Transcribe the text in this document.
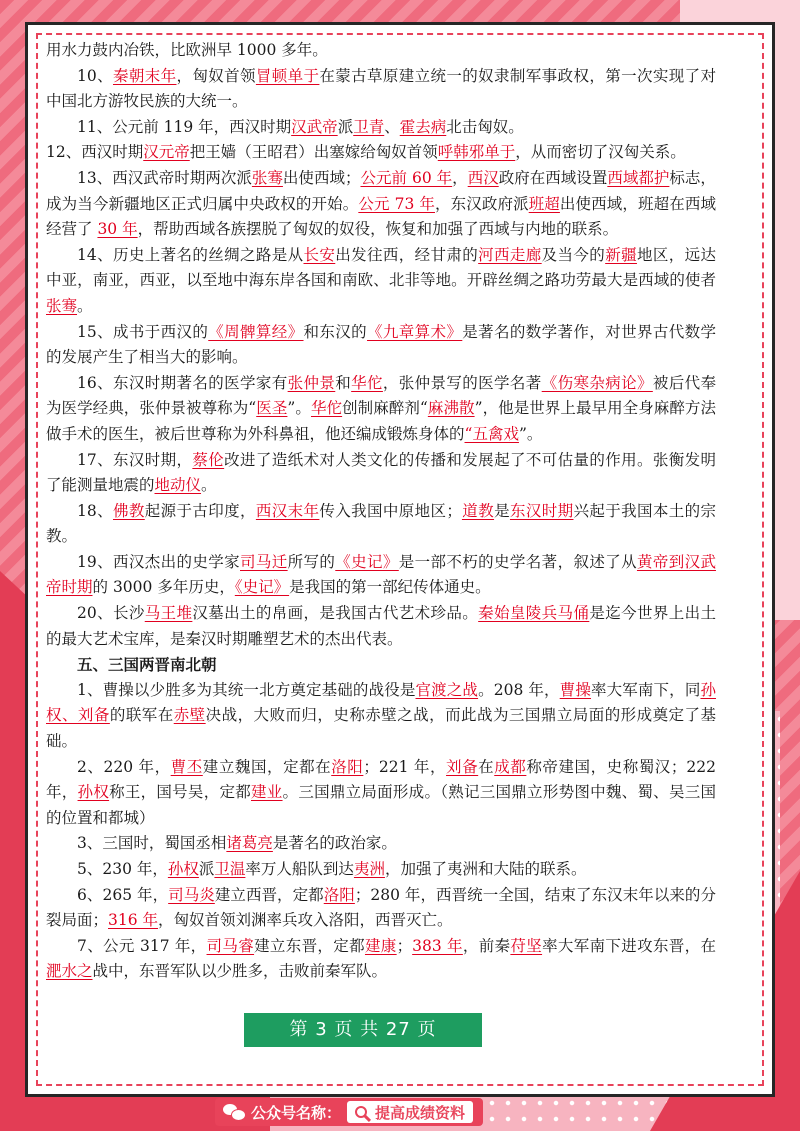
用水力鼓内冶铁，比欧洲早 1000 多年。

10、秦朝末年，匈奴首领冒顿单于在蒙古草原建立统一的奴隶制军事政权，第一次实现了对中国北方游牧民族的大统一。

11、公元前 119 年，西汉时期汉武帝派卫青、霍去病北击匈奴。

12、西汉时期汉元帝把王嫱（王昭君）出塞嫁给匈奴首领呼韩邪单于，从而密切了汉匈关系。

13、西汉武帝时期两次派张骞出使西域；公元前 60 年，西汉政府在西域设置西域都护标志，成为当今新疆地区正式归属中央政权的开始。公元 73 年，东汉政府派班超出使西域，班超在西域经营了 30 年，帮助西域各族摆脱了匈奴的奴役，恢复和加强了西域与内地的联系。

14、历史上著名的丝绸之路是从长安出发往西，经甘肃的河西走廊及当今的新疆地区，远达中亚，南亚，西亚，以至地中海东岸各国和南欧、北非等地。开辟丝绸之路功劳最大是西域的使者张骞。

15、成书于西汉的《周髀算经》和东汉的《九章算术》是著名的数学著作，对世界古代数学的发展产生了相当大的影响。

16、东汉时期著名的医学家有张仲景和华佗，张仲景写的医学名著《伤寒杂病论》被后代奉为医学经典，张仲景被尊称为“医圣”。华佗创制麻醉剂“麻沸散”，他是世界上最早用全身麻醉方法做手术的医生，被后世尊称为外科鼻祖，他还编成锻炼身体的“五禽戏”。

17、东汉时期，蔡伦改进了造纸术对人类文化的传播和发展起了不可估量的作用。张衡发明了能测量地震的地动仪。

18、佛教起源于古印度，西汉末年传入我国中原地区；道教是东汉时期兴起于我国本土的宗教。

19、西汉杰出的史学家司马迁所写的《史记》是一部不朽的史学名著，叙述了从黄帝到汉武帝时期的 3000 多年历史，《史记》是我国的第一部纪传体通史。

20、长沙马王堆汉墓出土的帛画，是我国古代艺术珍品。秦始皇陵兵马俑是迄今世界上出土的最大艺术宝库，是秦汉时期雕塑艺术的杰出代表。

五、三国两晋南北朝

1、曹操以少胜多为其统一北方奠定基础的战役是官渡之战。208 年，曹操率大军南下，同孙权、刘备的联军在赤壁决战，大败而归，史称赤壁之战，而此战为三国鼎立局面的形成奠定了基础。

2、220 年，曹丕建立魏国，定都在洛阳；221 年，刘备在成都称帝建国，史称蜀汉；222 年，孙权称王，国号吴，定都建业。三国鼎立局面形成。（熟记三国鼎立形势图中魏、蜀、吴三国的位置和都城）

3、三国时，蜀国丞相诸葛亮是著名的政治家。

5、230 年，孙权派卫温率万人船队到达夷洲，加强了夷洲和大陆的联系。

6、265 年，司马炎建立西晋，定都洛阳；280 年，西晋统一全国，结束了东汉末年以来的分裂局面；316 年，匈奴首领刘渊率兵攻入洛阳，西晋灭亡。

7、公元 317 年，司马睿建立东晋，定都建康；383 年，前秦苻坚率大军南下进攻东晋，在淝水之战中，东晋军队以少胜多，击败前秦军队。

第 3 页 共 27 页
公众号名称： 提高成绩资料
